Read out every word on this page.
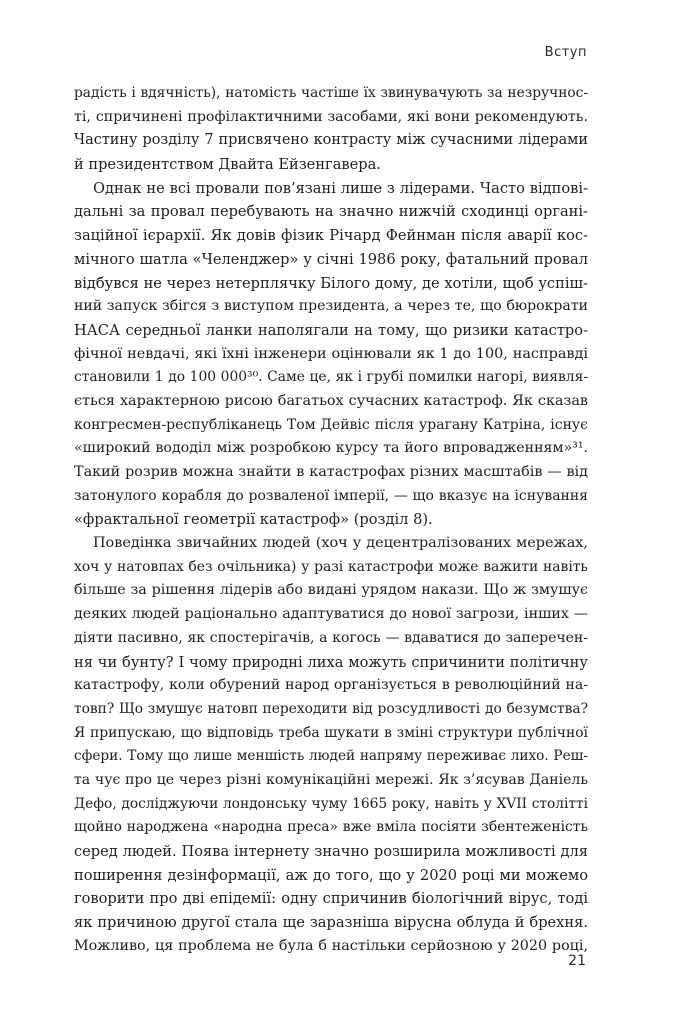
Вступ
радість і вдячність), натомість частіше їх звинувачують за незручнос-
ті, спричинені профілактичними засобами, які вони рекомендують.
Частину розділу 7 присвячено контрасту між сучасними лідерами
й президентством Двайта Ейзенгавера.
Однак не всі провали пов’язані лише з лідерами. Часто відпові-
дальні за провал перебувають на значно нижчій сходинці органі-
заційної ієрархії. Як довів фізик Річард Фейнман після аварії кос-
мічного шатла «Челенджер» у січні 1986 року, фатальний провал
відбувся не через нетерплячку Білого дому, де хотіли, щоб успіш-
ний запуск збігся з виступом президента, а через те, що бюрократи
НАСА середньої ланки наполягали на тому, що ризики катастро-
фічної невдачі, які їхні інженери оцінювали як 1 до 100, насправді
становили 1 до 100 000³⁰. Саме це, як і грубі помилки нагорі, виявля-
ється характерною рисою багатьох сучасних катастроф. Як сказав
конгресмен-республіканець Том Дейвіс після урагану Катріна, існує
«широкий вододіл між розробкою курсу та його впровадженням»³¹.
Такий розрив можна знайти в катастрофах різних масштабів — від
затонулого корабля до розваленої імперії, — що вказує на існування
«фрактальної геометрії катастроф» (розділ 8).
Поведінка звичайних людей (хоч у децентралізованих мережах,
хоч у натовпах без очільника) у разі катастрофи може важити навіть
більше за рішення лідерів або видані урядом накази. Що ж змушує
деяких людей раціонально адаптуватися до нової загрози, інших —
діяти пасивно, як спостерігачів, а когось — вдаватися до заперечен-
ня чи бунту? І чому природні лиха можуть спричинити політичну
катастрофу, коли обурений народ організується в революційний на-
товп? Що змушує натовп переходити від розсудливості до безумства?
Я припускаю, що відповідь треба шукати в зміні структури публічної
сфери. Тому що лише меншість людей напряму переживає лихо. Реш-
та чує про це через різні комунікаційні мережі. Як з’ясував Даніель
Дефо, досліджуючи лондонську чуму 1665 року, навіть у XVII столітті
щойно народжена «народна преса» вже вміла посіяти збентеженість
серед людей. Поява інтернету значно розширила можливості для
поширення дезінформації, аж до того, що у 2020 році ми можемо
говорити про дві епідемії: одну спричинив біологічний вірус, тоді
як причиною другої стала ще заразніша вірусна облуда й брехня.
Можливо, ця проблема не була б настільки серйозною у 2020 році,
21
